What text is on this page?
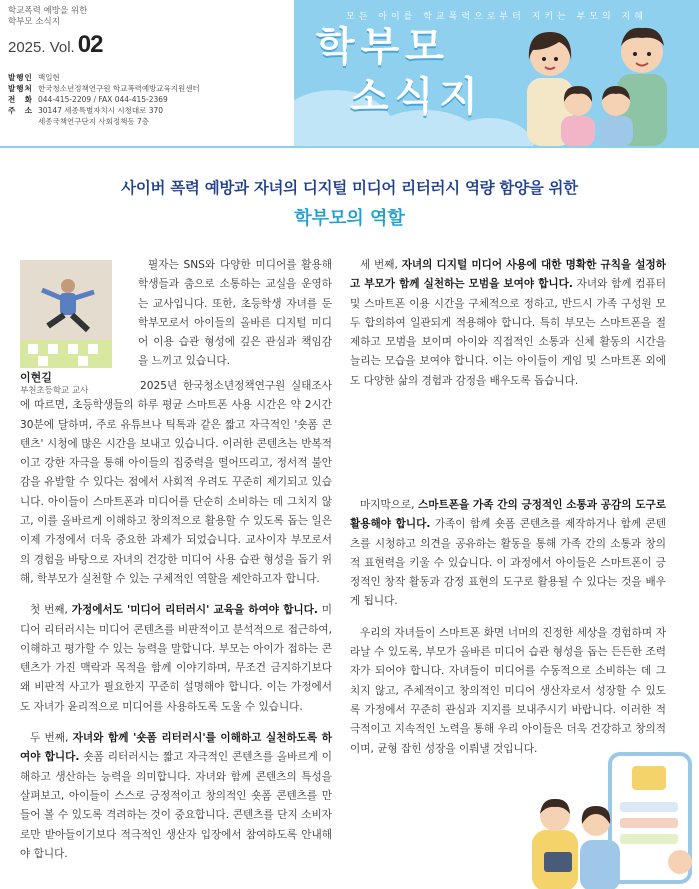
학교폭력 예방을 위한
학부모 소식지
2025. Vol. 02
발행인 백일현
발행처 한국청소년정책연구원 학교폭력예방교육지원센터
전　화 044-415-2209 / FAX 044-415-2369
주　소 30147 세종특별자치시 시청대로 370
세종국책연구단지 사회정책동 7층
모든 아이를 학교폭력으로부터 지키는 부모의 지혜
학부모
소식지
사이버 폭력 예방과 자녀의 디지털 미디어 리터러시 역량 함양을 위한
학부모의 역할
이현길
부천초등학교 교사
필자는 SNS와 다양한 미디어를 활용해 학생들과 춤으로 소통하는 교실을 운영하는 교사입니다. 또한, 초등학생 자녀를 둔 학부모로서 아이들의 올바른 디지털 미디어 이용 습관 형성에 깊은 관심과 책임감을 느끼고 있습니다.

2025년 한국청소년정책연구원 실태조사에 따르면, 초등학생들의 하루 평균 스마트폰 사용 시간은 약 2시간 30분에 달하며, 주로 유튜브나 틱톡과 같은 짧고 자극적인 '숏폼 콘텐츠' 시청에 많은 시간을 보내고 있습니다. 이러한 콘텐츠는 반복적이고 강한 자극을 통해 아이들의 집중력을 떨어뜨리고, 정서적 불안감을 유발할 수 있다는 점에서 사회적 우려도 꾸준히 제기되고 있습니다. 아이들이 스마트폰과 미디어를 단순히 소비하는 데 그치지 않고, 이를 올바르게 이해하고 창의적으로 활용할 수 있도록 돕는 일은 이제 가정에서 더욱 중요한 과제가 되었습니다. 교사이자 부모로서의 경험을 바탕으로 자녀의 건강한 미디어 사용 습관 형성을 돕기 위해, 학부모가 실천할 수 있는 구체적인 역할을 제안하고자 합니다.

첫 번째, 가정에서도 '미디어 리터러시' 교육을 하여야 합니다. 미디어 리터러시는 미디어 콘텐츠를 비판적이고 분석적으로 접근하여, 이해하고 평가할 수 있는 능력을 말합니다. 부모는 아이가 접하는 콘텐츠가 가진 맥락과 목적을 함께 이야기하며, 무조건 금지하기보다 왜 비판적 사고가 필요한지 꾸준히 설명해야 합니다. 이는 가정에서도 자녀가 윤리적으로 미디어를 사용하도록 도울 수 있습니다.

두 번째, 자녀와 함께 '숏폼 리터러시'를 이해하고 실천하도록 하여야 합니다. 숏폼 리터러시는 짧고 자극적인 콘텐츠를 올바르게 이해하고 생산하는 능력을 의미합니다. 자녀와 함께 콘텐츠의 특성을 살펴보고, 아이들이 스스로 긍정적이고 창의적인 숏폼 콘텐츠를 만들어 볼 수 있도록 격려하는 것이 중요합니다. 콘텐츠를 단지 소비자로만 받아들이기보다 적극적인 생산자 입장에서 참여하도록 안내해야 합니다.

세 번째, 자녀의 디지털 미디어 사용에 대한 명확한 규칙을 설정하고 부모가 함께 실천하는 모범을 보여야 합니다. 자녀와 함께 컴퓨터 및 스마트폰 이용 시간을 구체적으로 정하고, 반드시 가족 구성원 모두 합의하여 일관되게 적용해야 합니다. 특히 부모는 스마트폰을 절제하고 모범을 보이며 아이와 직접적인 소통과 신체 활동의 시간을 늘리는 모습을 보여야 합니다. 이는 아이들이 게임 및 스마트폰 외에도 다양한 삶의 경험과 감정을 배우도록 돕습니다.

마지막으로, 스마트폰을 가족 간의 긍정적인 소통과 공감의 도구로 활용해야 합니다. 가족이 함께 숏폼 콘텐츠를 제작하거나 함께 콘텐츠를 시청하고 의견을 공유하는 활동을 통해 가족 간의 소통과 창의적 표현력을 키울 수 있습니다. 이 과정에서 아이들은 스마트폰이 긍정적인 창작 활동과 감정 표현의 도구로 활용될 수 있다는 것을 배우게 됩니다.

우리의 자녀들이 스마트폰 화면 너머의 진정한 세상을 경험하며 자라날 수 있도록, 부모가 올바른 미디어 습관 형성을 돕는 든든한 조력자가 되어야 합니다. 자녀들이 미디어를 수동적으로 소비하는 데 그치지 않고, 주체적이고 창의적인 미디어 생산자로서 성장할 수 있도록 가정에서 꾸준히 관심과 지지를 보내주시기 바랍니다. 이러한 적극적이고 지속적인 노력을 통해 우리 아이들은 더욱 건강하고 창의적이며, 균형 잡힌 성장을 이뤄낼 것입니다.
